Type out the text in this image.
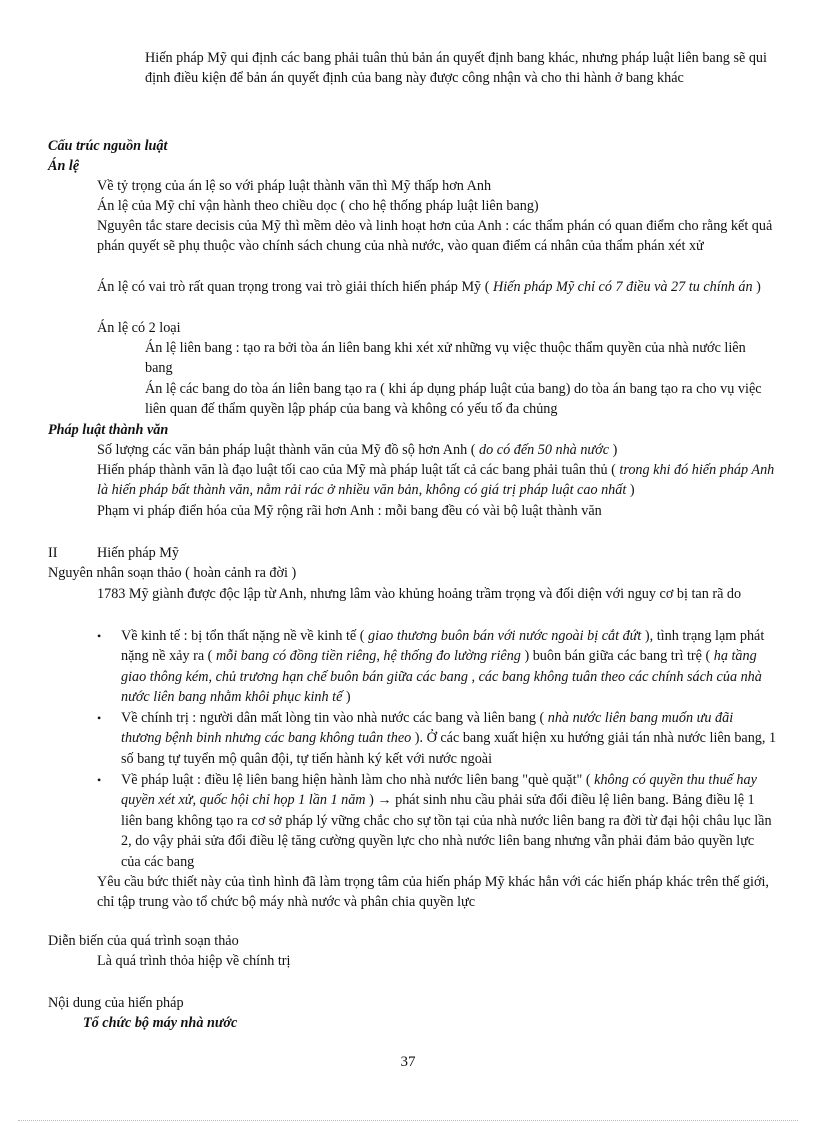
Hiến pháp Mỹ qui định các bang phải tuân thủ bản án quyết định bang khác, nhưng pháp luật liên bang sẽ qui định điều kiện để bản án quyết định của bang này được công nhận và cho thi hành ở bang khác

Cấu trúc nguồn luật

Án lệ

Về tỷ trọng của án lệ so với pháp luật thành văn thì Mỹ thấp hơn Anh

Án lệ của Mỹ chỉ vận hành theo chiều dọc ( cho hệ thống pháp luật liên bang)

Nguyên tắc stare decisis của Mỹ thì mềm dẻo và linh hoạt hơn của Anh : các thẩm phán có quan điểm cho rằng kết quả phán quyết sẽ phụ thuộc vào chính sách chung của nhà nước, vào quan điểm cá nhân của thẩm phán xét xử

Án lệ có vai trò rất quan trọng trong vai trò giải thích hiến pháp Mỹ ( Hiến pháp Mỹ chỉ có 7 điều và 27 tu chính án )

Án lệ có 2 loại

Án lệ liên bang : tạo ra bởi tòa án liên bang khi xét xử những vụ việc thuộc thẩm quyền của nhà nước liên bang

Án lệ các bang do tòa án liên bang tạo ra ( khi áp dụng pháp luật của bang) do tòa án bang tạo ra cho vụ việc liên quan đế thẩm quyền lập pháp của bang và không có yếu tố đa chủng

Pháp luật thành văn

Số lượng các văn bản pháp luật thành văn của Mỹ đồ sộ hơn Anh ( do có đến 50 nhà nước )

Hiến pháp thành văn là đạo luật tối cao của Mỹ mà pháp luật tất cả các bang phải tuân thủ ( trong khi đó hiến pháp Anh là hiến pháp bất thành văn, nằm rải rác ở nhiều văn bản, không có giá trị pháp luật cao nhất )

Phạm vi pháp điển hóa của Mỹ rộng rãi hơn Anh : mỗi bang đều có vài bộ luật thành văn

II	Hiến pháp Mỹ

Nguyên nhân soạn thảo ( hoàn cảnh ra đời )

1783 Mỹ giành được độc lập từ Anh, nhưng lâm vào khủng hoảng trầm trọng và đối diện với nguy cơ bị tan rã do

• Về kinh tế : bị tổn thất nặng nề về kinh tế ( giao thương buôn bán với nước ngoài bị cắt đứt ), tình trạng lạm phát nặng nề xảy ra ( mỗi bang có đồng tiền riêng, hệ thống đo lường riêng ) buôn bán giữa các bang trì trệ ( hạ tầng giao thông kém, chủ trương hạn chế buôn bán giữa các bang , các bang không tuân theo các chính sách của nhà nước liên bang nhằm khôi phục kinh tế )

• Về chính trị : người dân mất lòng tin vào nhà nước các bang và liên bang ( nhà nước liên bang muốn ưu đãi thương bệnh binh nhưng các bang không tuân theo ). Ở các bang xuất hiện xu hướng giải tán nhà nước liên bang, 1 số bang tự tuyển mộ quân đội, tự tiến hành ký kết với nước ngoài

• Về pháp luật : điều lệ liên bang hiện hành làm cho nhà nước liên bang "què quặt" ( không có quyền thu thuế hay quyền xét xử, quốc hội chỉ họp 1 lần 1 năm ) → phát sinh nhu cầu phải sửa đổi điều lệ liên bang. Bảng điều lệ 1 liên bang không tạo ra cơ sở pháp lý vững chắc cho sự tồn tại của nhà nước liên bang ra đời từ đại hội châu lục lần 2, do vậy phải sửa đổi điều lệ tăng cường quyền lực cho nhà nước liên bang nhưng vẫn phải đảm bảo quyền lực của các bang

Yêu cầu bức thiết này của tình hình đã làm trọng tâm của hiến pháp Mỹ khác hẳn với các hiến pháp khác trên thế giới, chỉ tập trung vào tổ chức bộ máy nhà nước và phân chia quyền lực

Diễn biến của quá trình soạn thảo

Là quá trình thỏa hiệp về chính trị

Nội dung của hiến pháp

Tổ chức bộ máy nhà nước

37
